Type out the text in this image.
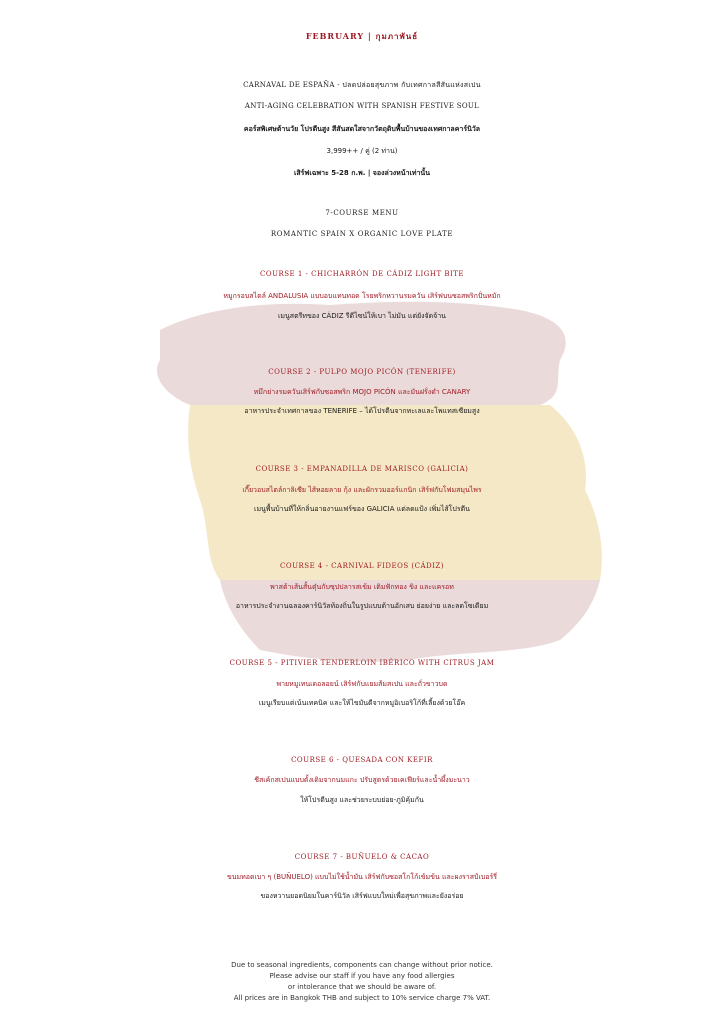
FEBRUARY | กุมภาพันธ์
CARNAVAL DE ESPAÑA - ปลดปล่อยสุขภาพ กับเทศกาลสีสันแห่งสเปน
ANTI-AGING CELEBRATION WITH SPANISH FESTIVE SOUL
คอร์สพิเศษต้านวัย โปรตีนสูง สีสันสดใสจากวัตถุดิบพื้นบ้านของเทศกาลคาร์นิวัล
3,999++ / คู่ (2 ท่าน)
เสิร์ฟเฉพาะ 5-28 ก.พ. | จองล่วงหน้าเท่านั้น
7-COURSE MENU
ROMANTIC SPAIN X ORGANIC LOVE PLATE
COURSE 1 - CHICHARRÓN DE CÁDIZ LIGHT BITE
หมูกรอบสไตล์ ANDALUSIA แบบอบแทนทอด โรยพริกหวานรมควัน เสิร์ฟบนซอสพริกปั่นหมัก
เมนูสตรีทของ CÁDIZ รีดีไซน์ให้เบา ไม่มัน แต่ยังจัดจ้าน
COURSE 2 - PULPO MOJO PICÓN (TENERIFE)
หมึกย่างรมควันเสิร์ฟกับซอสพริก MOJO PICÓN และมันฝรั่งดำ CANARY
อาหารประจำเทศกาลของ TENERIFE – ได้โปรตีนจากทะเลและโพแทสเซียมสูง
COURSE 3 - EMPANADILLA DE MARISCO (GALICIA)
เกี๊ยวอบสไตล์กาลิเซีย ไส้หอยลาย กุ้ง และผักรวมออร์แกนิก เสิร์ฟกับโฟมสมุนไพร
เมนูพื้นบ้านที่ให้กลิ่นอายงานแฟร์ของ GALICIA แต่ลดแป้ง เพิ่มไส้โปรตีน
COURSE 4 - CARNIVAL FIDEOS (CÁDIZ)
พาสต้าเส้นสั้นตุ๋นกับซุปปลารสเข้ม เติมฟักทอง ขิง และแครอท
อาหารประจำงานฉลองคาร์นิวัลท้องถิ่นในรูปแบบต้านอักเสบ ย่อยง่าย และลดโซเดียม
COURSE 5 - PITIVIER TENDERLOIN IBÉRICO WITH CITRUS JAM
พายหมูเทนเดอลอยน์ เสิร์ฟกับแยมส้มสเปน และถั่วขาวบด
เมนูเรียบแต่เน้นเทคนิค และให้ไขมันดีจากหมูอิเบอริโก้ที่เลี้ยงด้วยโอ๊ค
COURSE 6 - QUESADA CON KEFIR
ชีสเค้กสเปนแบบดั้งเดิมจากนมแกะ ปรับสูตรด้วยเคเฟียร์และน้ำผึ้งมะนาว
ให้โปรตีนสูง และช่วยระบบย่อย-ภูมิคุ้มกัน
COURSE 7 - BUÑUELO & CACAO
ขนมทอดเบา ๆ (BUÑUELO) แบบไม่ใช้น้ำมัน เสิร์ฟกับซอสโกโก้เข้มข้น และผงราสป์เบอร์รี่
ของหวานยอดนิยมในคาร์นิวัล เสิร์ฟแบบใหม่เพื่อสุขภาพและยังอร่อย
Due to seasonal ingredients, components can change without prior notice.
Please advise our staff if you have any food allergies
or intolerance that we should be aware of.
All prices are in Bangkok THB and subject to 10% service charge 7% VAT.
